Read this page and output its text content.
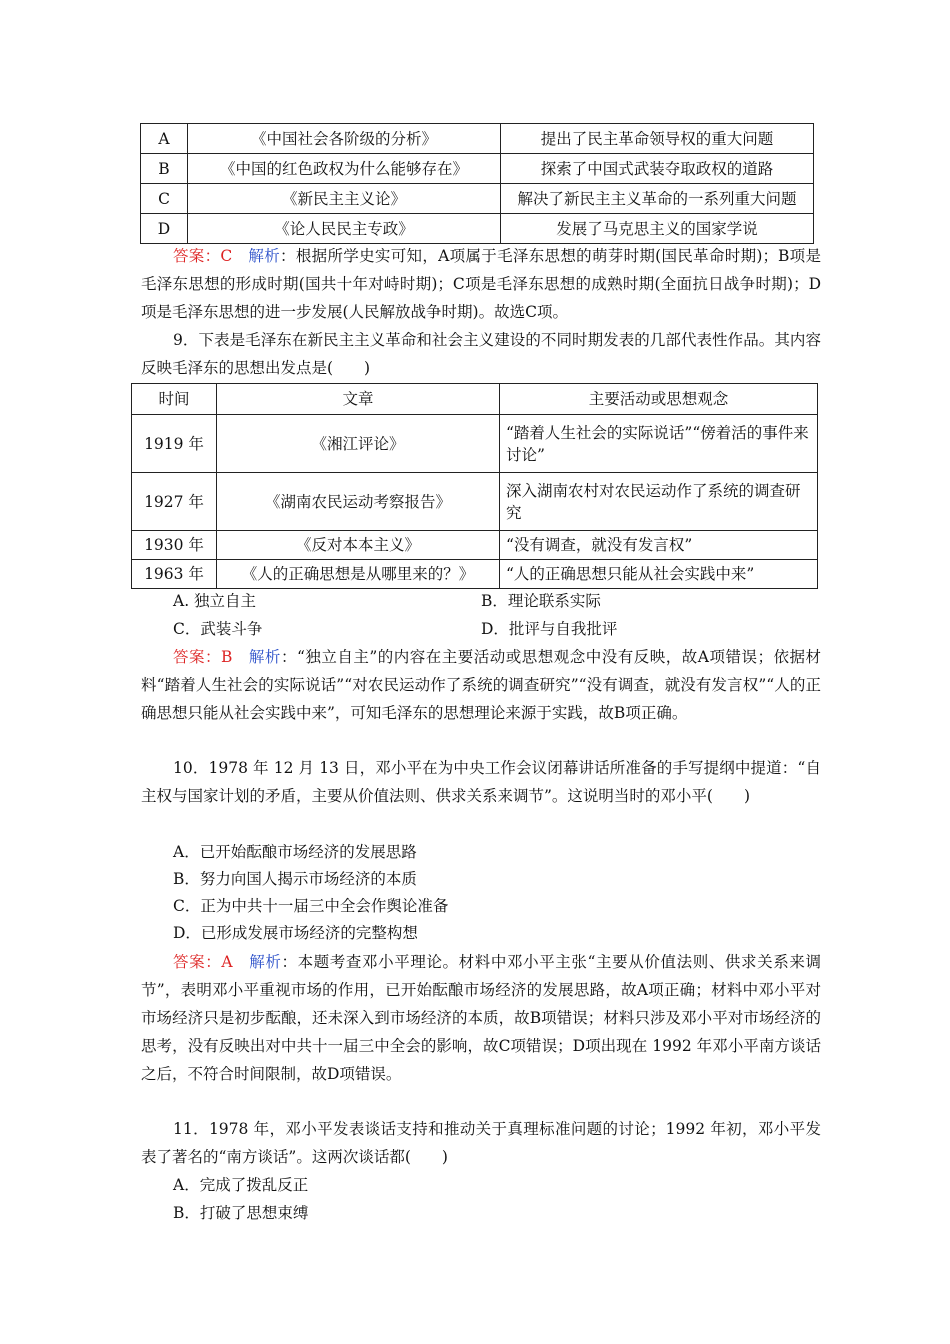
A	《中国社会各阶级的分析》	提出了民主革命领导权的重大问题
B	《中国的红色政权为什么能够存在》	探索了中国式武装夺取政权的道路
C	《新民主主义论》	解决了新民主主义革命的一系列重大问题
D	《论人民民主专政》	发展了马克思主义的国家学说
答案：C　 解析：根据所学史实可知，A项属于毛泽东思想的萌芽时期(国民革命时期)；B项是毛泽东思想的形成时期(国共十年对峙时期)；C项是毛泽东思想的成熟时期(全面抗日战争时期)；D项是毛泽东思想的进一步发展(人民解放战争时期)。故选C项。
9．下表是毛泽东在新民主主义革命和社会主义建设的不同时期发表的几部代表性作品。其内容反映毛泽东的思想出发点是(　　)
时间	文章	主要活动或思想观念
1919 年	《湘江评论》	“踏着人生社会的实际说话”“傍着活的事件来讨论”
1927 年	《湖南农民运动考察报告》	深入湖南农村对农民运动作了系统的调查研究
1930 年	《反对本本主义》	“没有调查，就没有发言权”
1963 年	《人的正确思想是从哪里来的？》	“人的正确思想只能从社会实践中来”
A. 独立自主	B．理论联系实际
C．武装斗争	D．批评与自我批评
答案：B　 解析：“独立自主”的内容在主要活动或思想观念中没有反映，故A项错误；依据材料“踏着人生社会的实际说话”“对农民运动作了系统的调查研究”“没有调查，就没有发言权”“人的正确思想只能从社会实践中来”，可知毛泽东的思想理论来源于实践，故B项正确。
10．1978 年 12 月 13 日，邓小平在为中央工作会议闭幕讲话所准备的手写提纲中提道：“自主权与国家计划的矛盾，主要从价值法则、供求关系来调节”。这说明当时的邓小平(　　)
A．已开始酝酿市场经济的发展思路
B．努力向国人揭示市场经济的本质
C．正为中共十一届三中全会作舆论准备
D．已形成发展市场经济的完整构想
答案：A　 解析：本题考查邓小平理论。材料中邓小平主张“主要从价值法则、供求关系来调节”，表明邓小平重视市场的作用，已开始酝酿市场经济的发展思路，故A项正确；材料中邓小平对市场经济只是初步酝酿，还未深入到市场经济的本质，故B项错误；材料只涉及邓小平对市场经济的思考，没有反映出对中共十一届三中全会的影响，故C项错误；D项出现在 1992 年邓小平南方谈话之后，不符合时间限制，故D项错误。
11．1978 年，邓小平发表谈话支持和推动关于真理标准问题的讨论；1992 年初，邓小平发表了著名的“南方谈话”。这两次谈话都(　　)
A．完成了拨乱反正
B．打破了思想束缚
